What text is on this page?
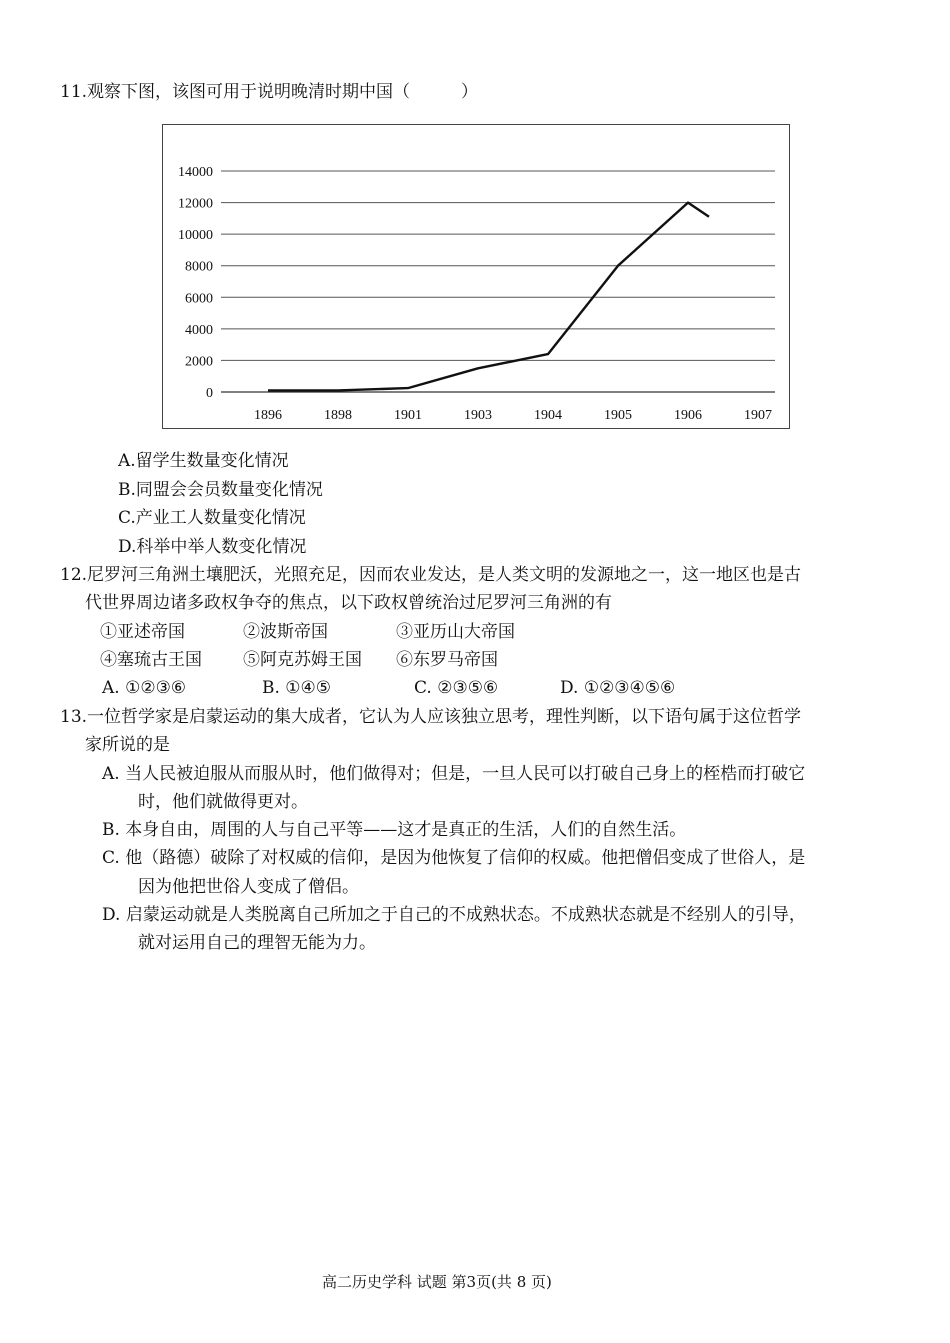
11.观察下图，该图可用于说明晚清时期中国（　　　）
0
2000
4000
6000
8000
10000
12000
14000
1896	1898	1901	1903	1904	1905	1906	1907
A.留学生数量变化情况
B.同盟会会员数量变化情况
C.产业工人数量变化情况
D.科举中举人数变化情况
12.尼罗河三角洲土壤肥沃，光照充足，因而农业发达，是人类文明的发源地之一，这一地区也是古
代世界周边诸多政权争夺的焦点，以下政权曾统治过尼罗河三角洲的有
①亚述帝国	②波斯帝国	③亚历山大帝国
④塞琉古王国 ⑤阿克苏姆王国 ⑥东罗马帝国
A. ①②③⑥	B. ①④⑤	C. ②③⑤⑥	D. ①②③④⑤⑥
13.一位哲学家是启蒙运动的集大成者，它认为人应该独立思考，理性判断，以下语句属于这位哲学
家所说的是
A. 当人民被迫服从而服从时，他们做得对；但是，一旦人民可以打破自己身上的桎梏而打破它
时，他们就做得更对。
B. 本身自由，周围的人与自己平等——这才是真正的生活，人们的自然生活。
C. 他（路德）破除了对权威的信仰，是因为他恢复了信仰的权威。他把僧侣变成了世俗人，是
因为他把世俗人变成了僧侣。
D. 启蒙运动就是人类脱离自己所加之于自己的不成熟状态。不成熟状态就是不经别人的引导，
就对运用自己的理智无能为力。
高二历史学科 试题 第3页(共 8 页)
